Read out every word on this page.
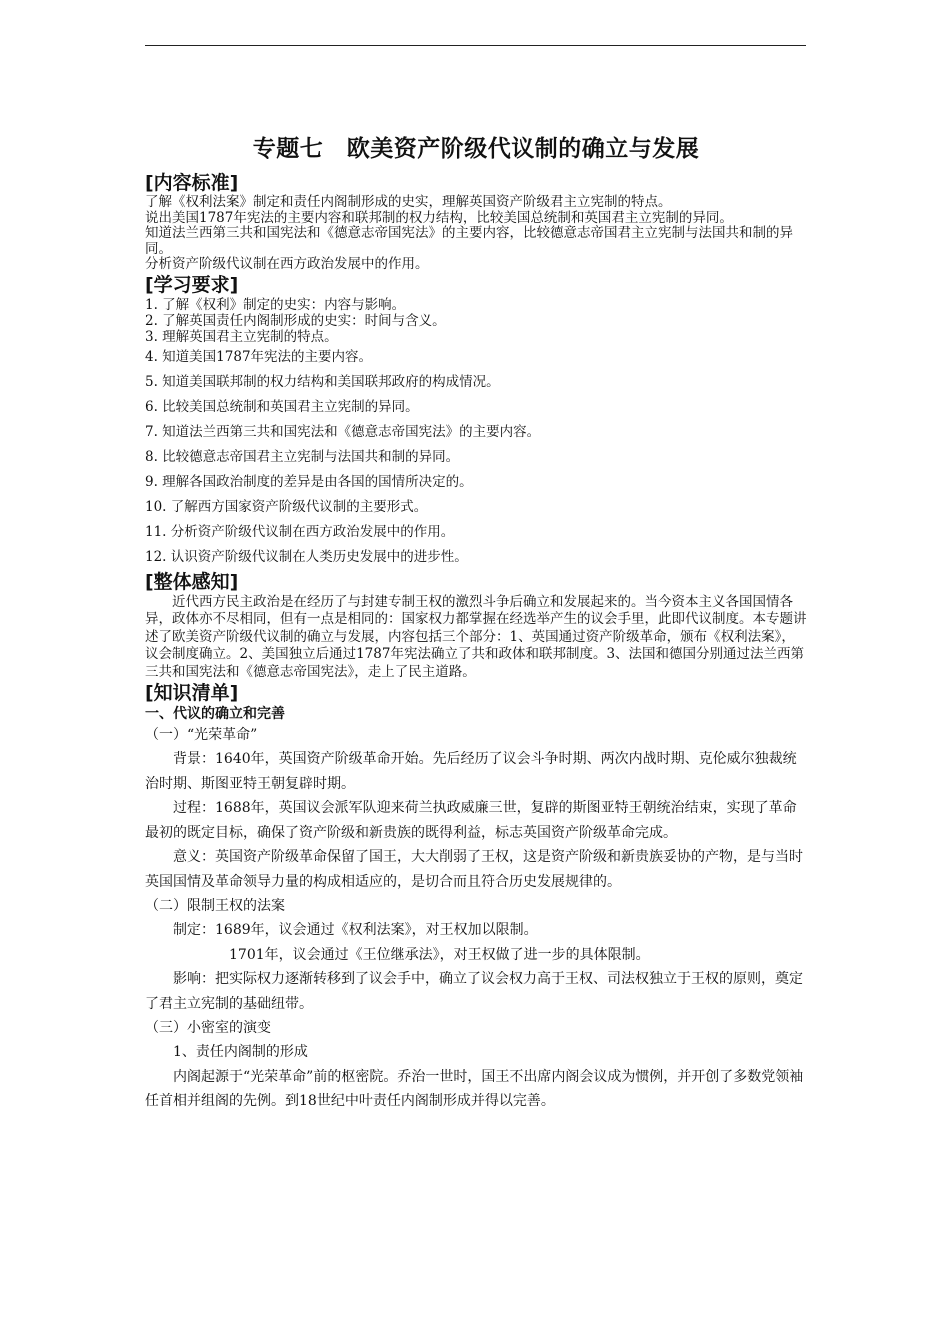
专题七　欧美资产阶级代议制的确立与发展
[内容标准]

了解《权利法案》制定和责任内阁制形成的史实，理解英国资产阶级君主立宪制的特点。

说出美国1787年宪法的主要内容和联邦制的权力结构，比较美国总统制和英国君主立宪制的异同。

知道法兰西第三共和国宪法和《德意志帝国宪法》的主要内容，比较德意志帝国君主立宪制与法国共和制的异同。

分析资产阶级代议制在西方政治发展中的作用。

[学习要求]

1. 了解《权利》制定的史实：内容与影响。

2. 了解英国责任内阁制形成的史实：时间与含义。

3. 理解英国君主立宪制的特点。

4. 知道美国1787年宪法的主要内容。

5. 知道美国联邦制的权力结构和美国联邦政府的构成情况。

6. 比较美国总统制和英国君主立宪制的异同。

7. 知道法兰西第三共和国宪法和《德意志帝国宪法》的主要内容。

8. 比较德意志帝国君主立宪制与法国共和制的异同。

9. 理解各国政治制度的差异是由各国的国情所决定的。

10. 了解西方国家资产阶级代议制的主要形式。

11. 分析资产阶级代议制在西方政治发展中的作用。

12. 认识资产阶级代议制在人类历史发展中的进步性。

[整体感知]

近代西方民主政治是在经历了与封建专制王权的激烈斗争后确立和发展起来的。当今资本主义各国国情各异，政体亦不尽相同，但有一点是相同的：国家权力都掌握在经选举产生的议会手里，此即代议制度。本专题讲述了欧美资产阶级代议制的确立与发展，内容包括三个部分：1、英国通过资产阶级革命，颁布《权利法案》，议会制度确立。2、美国独立后通过1787年宪法确立了共和政体和联邦制度。3、法国和德国分别通过法兰西第三共和国宪法和《德意志帝国宪法》，走上了民主道路。

[知识清单]

一、代议的确立和完善

（一）“光荣革命”

背景：1640年，英国资产阶级革命开始。先后经历了议会斗争时期、两次内战时期、克伦威尔独裁统治时期、斯图亚特王朝复辟时期。

过程：1688年，英国议会派军队迎来荷兰执政威廉三世，复辟的斯图亚特王朝统治结束，实现了革命最初的既定目标，确保了资产阶级和新贵族的既得利益，标志英国资产阶级革命完成。

意义：英国资产阶级革命保留了国王，大大削弱了王权，这是资产阶级和新贵族妥协的产物，是与当时英国国情及革命领导力量的构成相适应的，是切合而且符合历史发展规律的。

（二）限制王权的法案

制定：1689年，议会通过《权利法案》，对王权加以限制。

1701年，议会通过《王位继承法》，对王权做了进一步的具体限制。

影响：把实际权力逐渐转移到了议会手中，确立了议会权力高于王权、司法权独立于王权的原则，奠定了君主立宪制的基础纽带。

（三）小密室的演变

1、责任内阁制的形成

内阁起源于“光荣革命”前的枢密院。乔治一世时，国王不出席内阁会议成为惯例，并开创了多数党领袖任首相并组阁的先例。到18世纪中叶责任内阁制形成并得以完善。
